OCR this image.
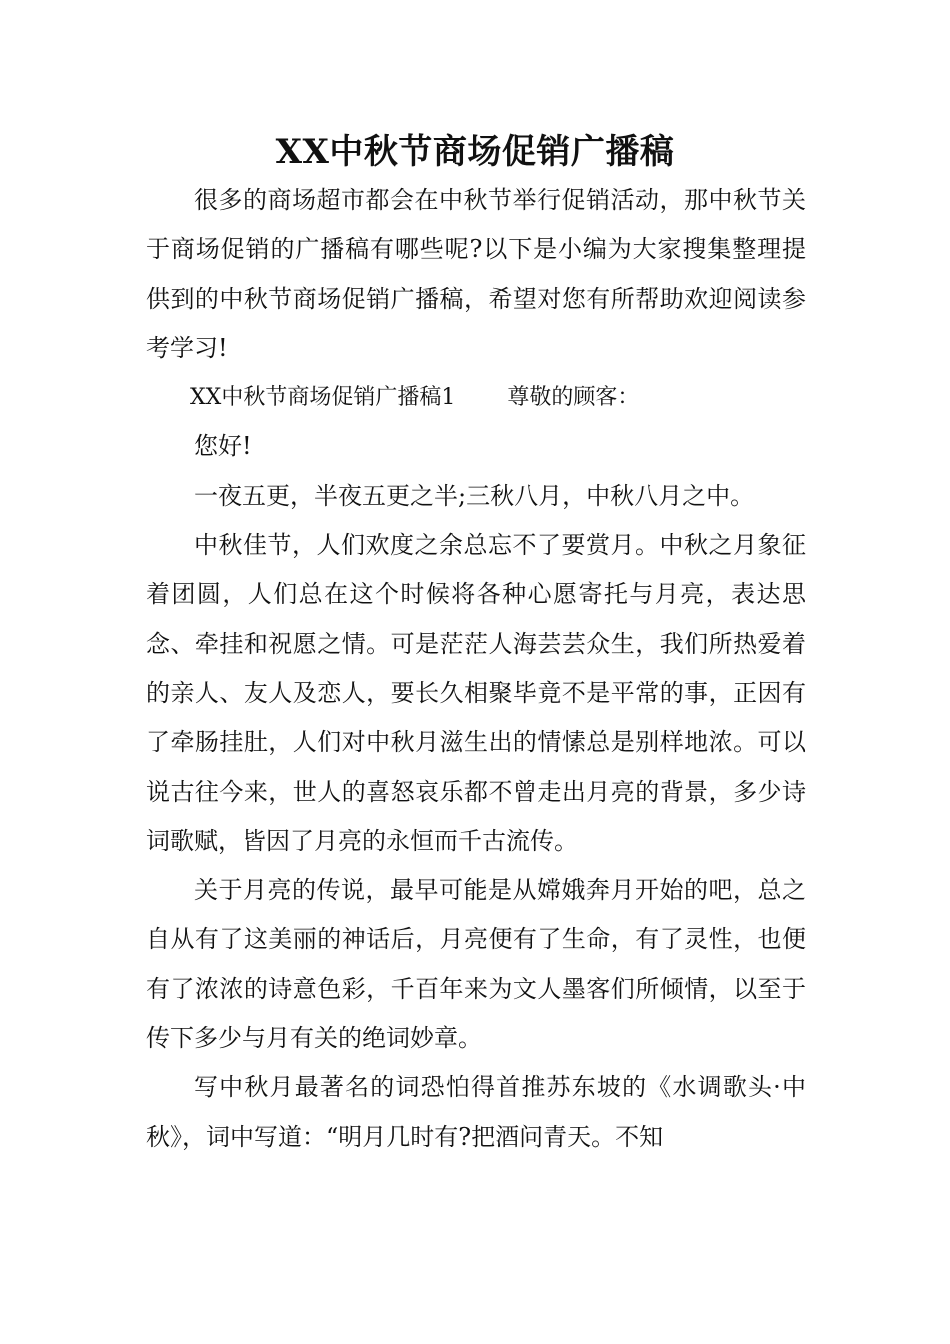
XX中秋节商场促销广播稿

很多的商场超市都会在中秋节举行促销活动，那中秋节关于商场促销的广播稿有哪些呢?以下是小编为大家搜集整理提供到的中秋节商场促销广播稿，希望对您有所帮助欢迎阅读参考学习!

XX中秋节商场促销广播稿1 尊敬的顾客：

您好!

一夜五更，半夜五更之半;三秋八月，中秋八月之中。

中秋佳节，人们欢度之余总忘不了要赏月。中秋之月象征着团圆，人们总在这个时候将各种心愿寄托与月亮，表达思念、牵挂和祝愿之情。可是茫茫人海芸芸众生，我们所热爱着的亲人、友人及恋人，要长久相聚毕竟不是平常的事，正因有了牵肠挂肚，人们对中秋月滋生出的情愫总是别样地浓。可以说古往今来，世人的喜怒哀乐都不曾走出月亮的背景，多少诗词歌赋，皆因了月亮的永恒而千古流传。

关于月亮的传说，最早可能是从嫦娥奔月开始的吧，总之自从有了这美丽的神话后，月亮便有了生命，有了灵性，也便有了浓浓的诗意色彩，千百年来为文人墨客们所倾情，以至于传下多少与月有关的绝词妙章。

写中秋月最著名的词恐怕得首推苏东坡的《水调歌头·中秋》，词中写道：“明月几时有?把酒问青天。不知
